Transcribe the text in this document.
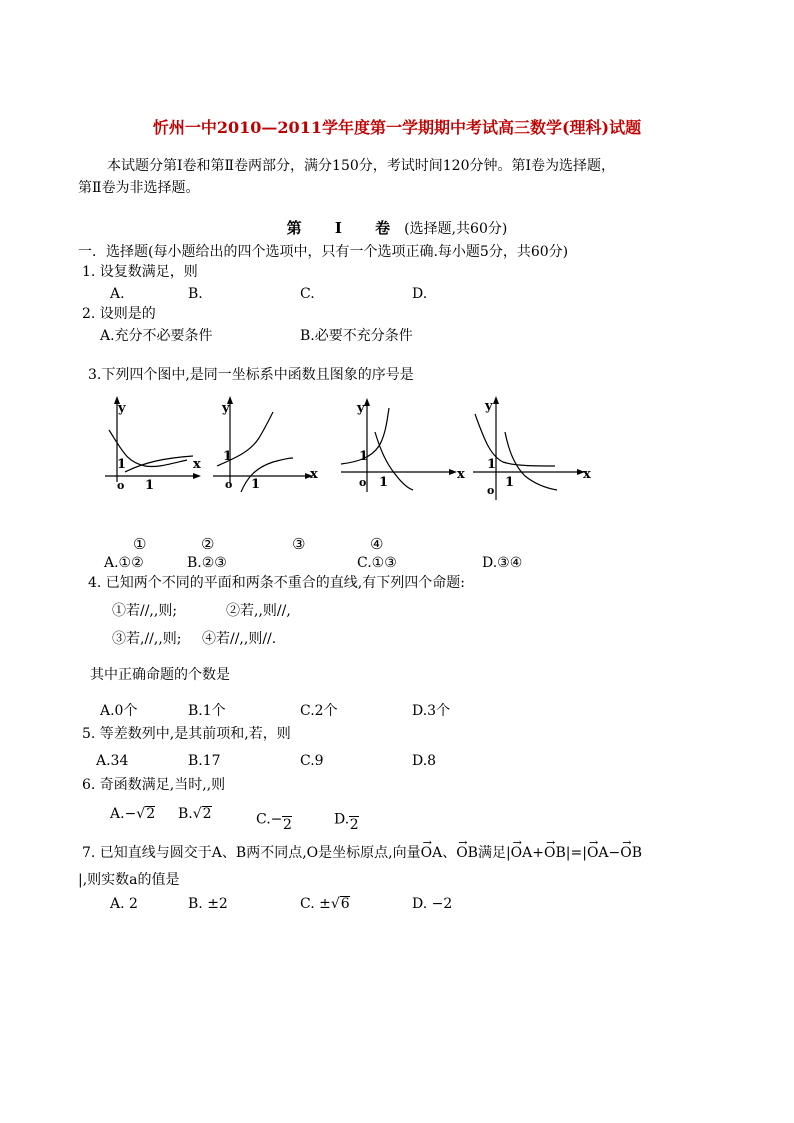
忻州一中2010—2011学年度第一学期期中考试高三数学(理科)试题
本试题分第Ⅰ卷和第Ⅱ卷两部分，满分150分，考试时间120分钟。第Ⅰ卷为选择题，
第Ⅱ卷为非选择题。
第 Ⅰ 卷(选择题,共60分)
一．选择题(每小题给出的四个选项中，只有一个选项正确.每小题5分，共60分)
1. 设复数满足，则
A.	B.	C.	D.
2. 设则是的
A.充分不必要条件	B.必要不充分条件
3.下列四个图中,是同一坐标系中函数且图象的序号是
y
x
1
o 1
y
x
1
o 1
y
x
1
o 1
y
x
1
o
1
①	②	③	④
A.①②	B.②③	C.①③	D.③④
4. 已知两个不同的平面和两条不重合的直线,有下列四个命题:
①若//,,则;	②若,,则//,
③若,//,,则; ④若//,,则//.
其中正确命题的个数是
A.0个	B.1个	C.2个	D.3个
5. 等差数列中,是其前项和,若，则
A.34	B.17	C.9	D.8
6. 奇函数满足,当时,,则
A.−√2 B.√2	C.− 2	D. 2
7. 已知直线与圆交于A、B两不同点,O是坐标原点,向量→ OA、→ OB满足|→ OA+→ OB|=|→ OA−→ OB
|,则实数a的值是
A. 2	B. ±2	C. ±√6	D. −2
